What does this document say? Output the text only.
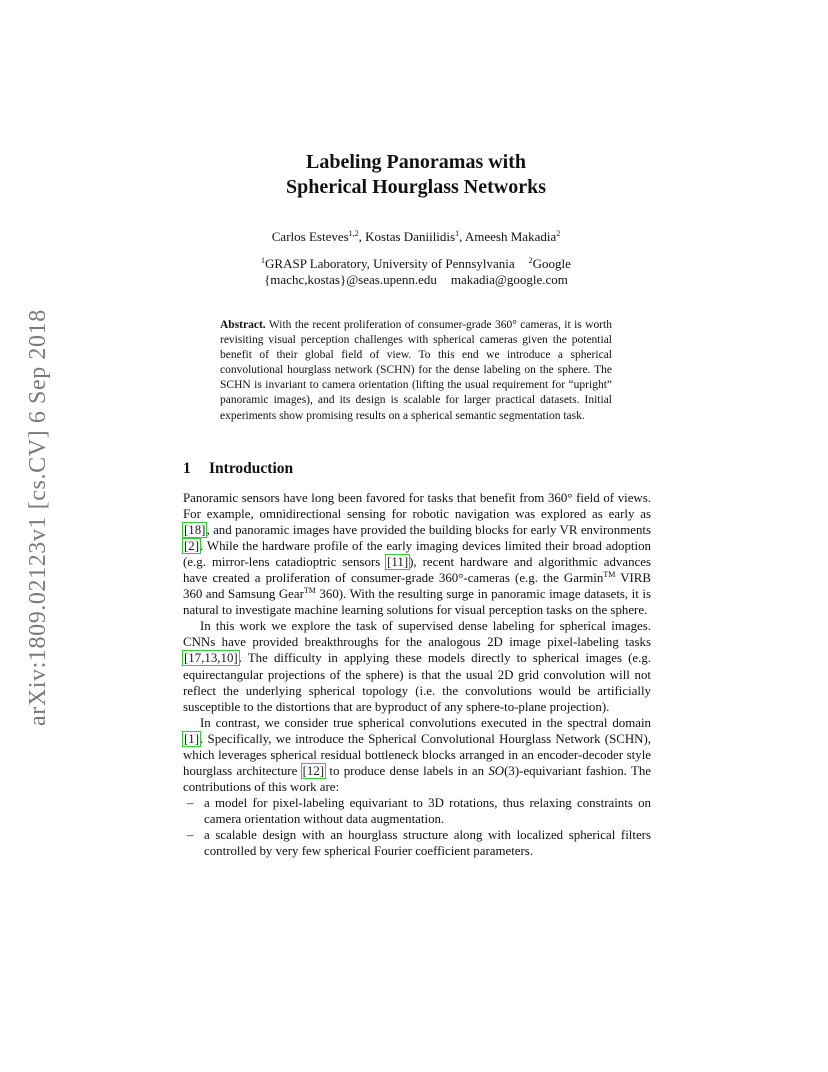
arXiv:1809.02123v1 [cs.CV] 6 Sep 2018
Labeling Panoramas with
Spherical Hourglass Networks
Carlos Esteves$^{1,2}$, Kostas Daniilidis$^1$, Ameesh Makadia$^2$
$^1$GRASP Laboratory, University of Pennsylvania $^2$Google
{machc,kostas}@seas.upenn.edu makadia@google.com
Abstract. With the recent proliferation of consumer-grade 360° cameras, it is worth revisiting visual perception challenges with spherical cameras given the potential benefit of their global field of view. To this end we introduce a spherical convolutional hourglass network (SCHN) for the dense labeling on the sphere. The SCHN is invariant to camera orientation (lifting the usual requirement for “upright” panoramic images), and its design is scalable for larger practical datasets. Initial experiments show promising results on a spherical semantic segmentation task.
1 Introduction

Panoramic sensors have long been favored for tasks that benefit from 360° field of views. For example, omnidirectional sensing for robotic navigation was explored as early as [18], and panoramic images have provided the building blocks for early VR environments [2]. While the hardware profile of the early imaging devices limited their broad adoption (e.g. mirror-lens catadioptric sensors [11]), recent hardware and algorithmic advances have created a proliferation of consumer-grade 360°-cameras (e.g. the Garmin™ VIRB 360 and Samsung Gear™ 360). With the resulting surge in panoramic image datasets, it is natural to investigate machine learning solutions for visual perception tasks on the sphere.

In this work we explore the task of supervised dense labeling for spherical images. CNNs have provided breakthroughs for the analogous 2D image pixel-labeling tasks [17,13,10]. The difficulty in applying these models directly to spherical images (e.g. equirectangular projections of the sphere) is that the usual 2D grid convolution will not reflect the underlying spherical topology (i.e. the convolutions would be artificially susceptible to the distortions that are byproduct of any sphere-to-plane projection).

In contrast, we consider true spherical convolutions executed in the spectral domain [1]. Specifically, we introduce the Spherical Convolutional Hourglass Network (SCHN), which leverages spherical residual bottleneck blocks arranged in an encoder-decoder style hourglass architecture [12] to produce dense labels in an SO(3)-equivariant fashion. The contributions of this work are:

– a model for pixel-labeling equivariant to 3D rotations, thus relaxing constraints on camera orientation without data augmentation.
– a scalable design with an hourglass structure along with localized spherical filters controlled by very few spherical Fourier coefficient parameters.
